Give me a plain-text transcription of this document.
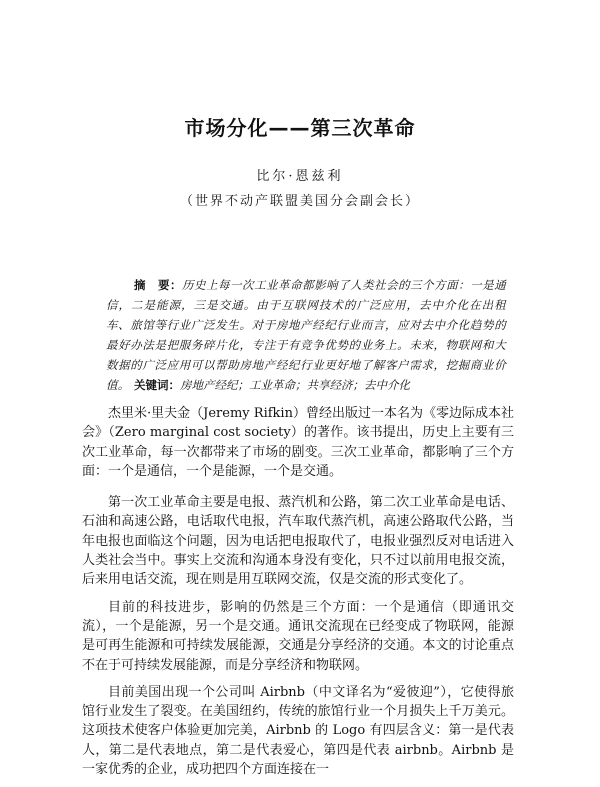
市场分化——第三次革命
比尔·恩兹利
（世界不动产联盟美国分会副会长）
摘　要：历史上每一次工业革命都影响了人类社会的三个方面：一是通信，二是能源，三是交通。由于互联网技术的广泛应用，去中介化在出租车、旅馆等行业广泛发生。对于房地产经纪行业而言，应对去中介化趋势的最好办法是把服务碎片化，专注于有竞争优势的业务上。未来，物联网和大数据的广泛应用可以帮助房地产经纪行业更好地了解客户需求，挖掘商业价值。 关键词：房地产经纪；工业革命；共享经济；去中介化

杰里米·里夫金（Jeremy Rifkin）曾经出版过一本名为《零边际成本社会》（Zero marginal cost society）的著作。该书提出，历史上主要有三次工业革命，每一次都带来了市场的剧变。三次工业革命，都影响了三个方面：一个是通信，一个是能源，一个是交通。

第一次工业革命主要是电报、蒸汽机和公路，第二次工业革命是电话、石油和高速公路，电话取代电报，汽车取代蒸汽机，高速公路取代公路，当年电报也面临这个问题，因为电话把电报取代了，电报业强烈反对电话进入人类社会当中。事实上交流和沟通本身没有变化，只不过以前用电报交流，后来用电话交流，现在则是用互联网交流，仅是交流的形式变化了。

目前的科技进步，影响的仍然是三个方面：一个是通信（即通讯交流），一个是能源，另一个是交通。通讯交流现在已经变成了物联网，能源是可再生能源和可持续发展能源，交通是分享经济的交通。本文的讨论重点不在于可持续发展能源，而是分享经济和物联网。

目前美国出现一个公司叫 Airbnb（中文译名为“爱彼迎”），它使得旅馆行业发生了裂变。在美国纽约，传统的旅馆行业一个月损失上千万美元。这项技术使客户体验更加完美，Airbnb 的 Logo 有四层含义：第一是代表人，第二是代表地点，第二是代表爱心，第四是代表 airbnb。Airbnb 是一家优秀的企业，成功把四个方面连接在一
